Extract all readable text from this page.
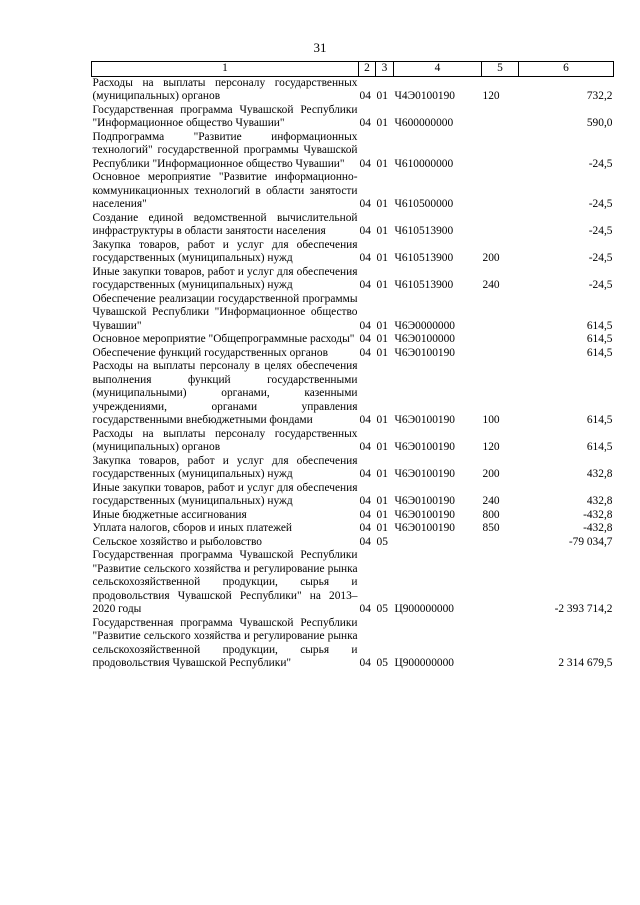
31
1	2	3	4	5	6
Расходы на выплаты персоналу государственных (муниципальных) органов	04	01	Ч4Э0100190	120	732,2
Государственная программа Чувашской Республики "Информационное общество Чувашии"	04	01	Ч600000000		590,0
Подпрограмма "Развитие информационных технологий" государственной программы Чувашской Республики "Информационное общество Чувашии"	04	01	Ч610000000		-24,5
Основное мероприятие "Развитие информационно-коммуникационных технологий в области занятости населения"	04	01	Ч610500000		-24,5
Создание единой ведомственной вычислительной инфраструктуры в области занятости населения	04	01	Ч610513900		-24,5
Закупка товаров, работ и услуг для обеспечения государственных (муниципальных) нужд	04	01	Ч610513900	200	-24,5
Иные закупки товаров, работ и услуг для обеспечения государственных (муниципальных) нужд	04	01	Ч610513900	240	-24,5
Обеспечение реализации государственной программы Чувашской Республики "Информационное общество Чувашии"	04	01	Ч6Э0000000		614,5
Основное мероприятие "Общепрограммные расходы"	04	01	Ч6Э0100000		614,5
Обеспечение функций государственных органов	04	01	Ч6Э0100190		614,5
Расходы на выплаты персоналу в целях обеспечения выполнения функций государственными (муниципальными) органами, казенными учреждениями, органами управления государственными внебюджетными фондами	04	01	Ч6Э0100190	100	614,5
Расходы на выплаты персоналу государственных (муниципальных) органов	04	01	Ч6Э0100190	120	614,5
Закупка товаров, работ и услуг для обеспечения государственных (муниципальных) нужд	04	01	Ч6Э0100190	200	432,8
Иные закупки товаров, работ и услуг для обеспечения государственных (муниципальных) нужд	04	01	Ч6Э0100190	240	432,8
Иные бюджетные ассигнования	04	01	Ч6Э0100190	800	-432,8
Уплата налогов, сборов и иных платежей	04	01	Ч6Э0100190	850	-432,8
Сельское хозяйство и рыболовство	04	05			-79 034,7
Государственная программа Чувашской Республики "Развитие сельского хозяйства и регулирование рынка сельскохозяйственной продукции, сырья и продовольствия Чувашской Республики" на 2013–2020 годы	04	05	Ц900000000		-2 393 714,2
Государственная программа Чувашской Республики "Развитие сельского хозяйства и регулирование рынка сельскохозяйственной продукции, сырья и продовольствия Чувашской Республики"	04	05	Ц900000000		2 314 679,5
